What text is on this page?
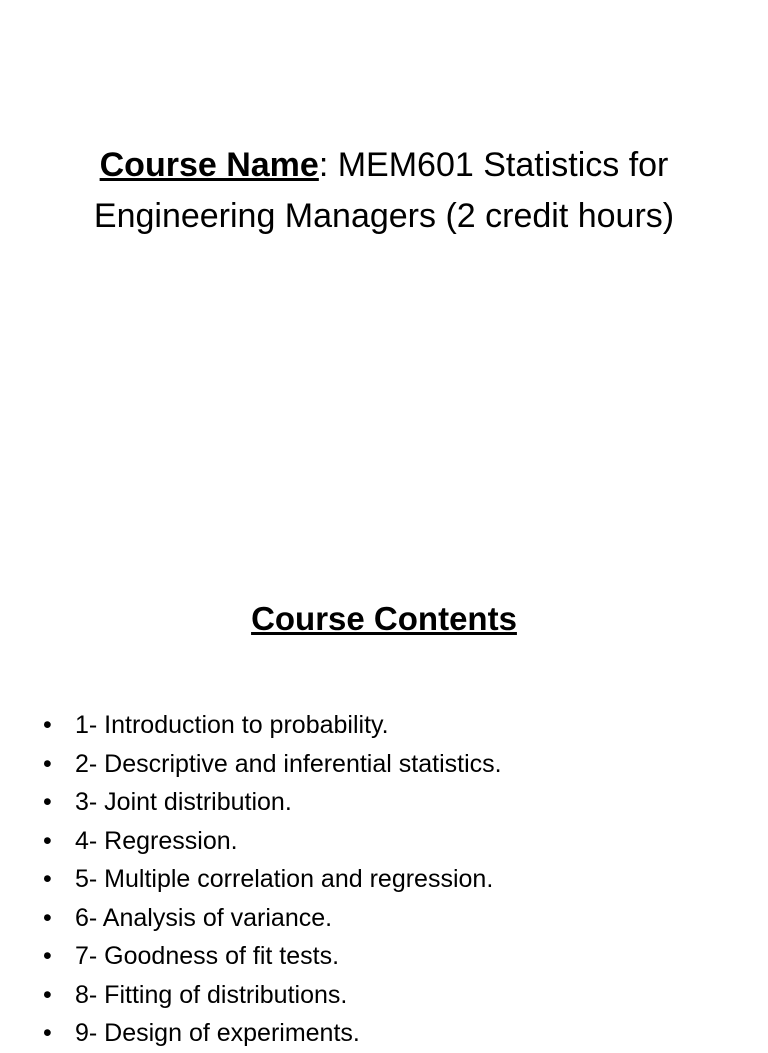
Course Name: MEM601 Statistics for Engineering Managers (2 credit hours)
Course Contents
• 1- Introduction to probability.
• 2- Descriptive and inferential statistics.
• 3- Joint distribution.
• 4- Regression.
• 5- Multiple correlation and regression.
• 6- Analysis of variance.
• 7- Goodness of fit tests.
• 8- Fitting of distributions.
• 9- Design of experiments.
